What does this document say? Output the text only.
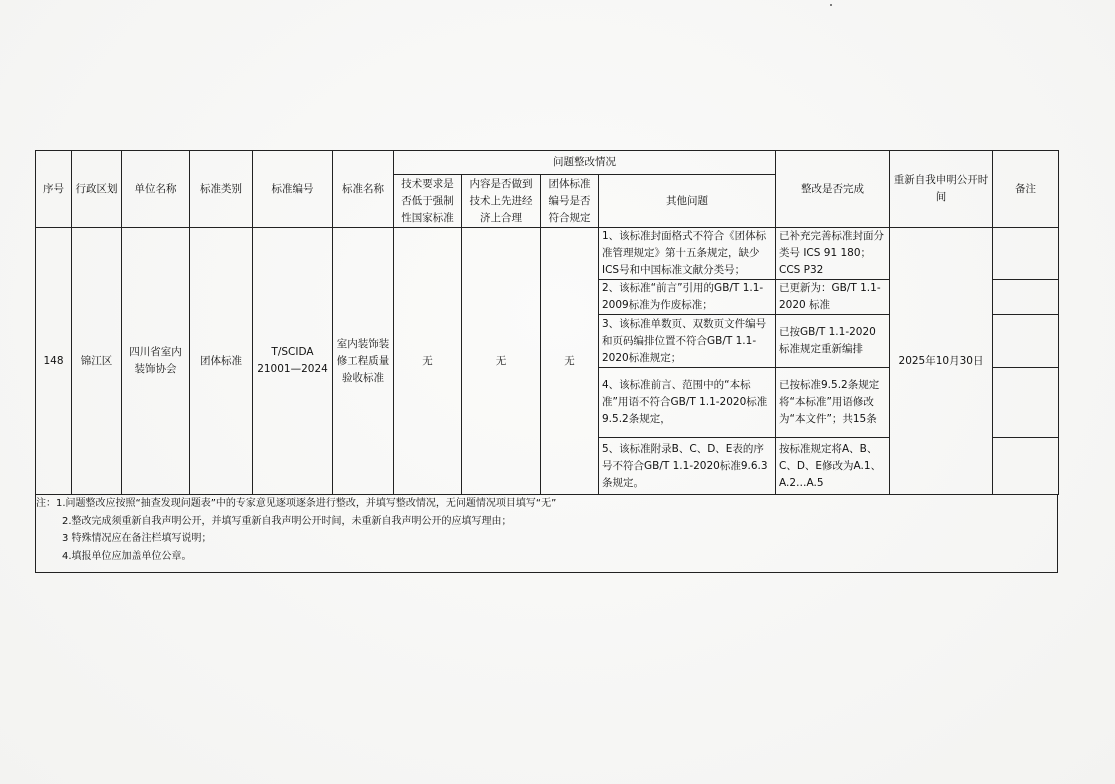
序号	行政区划	单位名称	标准类别	标准编号	标准名称	问题整改情况				整改是否完成	重新自我申明公开时间	备注
						技术要求是否低于强制性国家标准	内容是否做到技术上先进经济上合理	团体标准编号是否符合规定	其他问题			
148	锦江区	四川省室内装饰协会	团体标准	T/SCIDA 21001—2024	室内装饰装修工程质量验收标准	无	无	无	1、该标准封面格式不符合《团体标准管理规定》第十五条规定，缺少ICS号和中国标准文献分类号；	已补充完善标准封面分类号 ICS 91 180；CCS P32	2025年10月30日	
									2、该标准“前言”引用的GB/T 1.1-2009标准为作废标准；	已更新为：GB/T 1.1-2020 标准		
									3、该标准单数页、双数页文件编号和页码编排位置不符合GB/T 1.1-2020标准规定；	已按GB/T 1.1-2020 标准规定重新编排		
									4、该标准前言、范围中的“本标准”用语不符合GB/T 1.1-2020标准9.5.2条规定，	已按标准9.5.2条规定将“本标准”用语修改为“本文件”；共15条		
									5、该标准附录B、C、D、E表的序号不符合GB/T 1.1-2020标准9.6.3条规定。	按标准规定将A、B、C、D、E修改为A.1、A.2…A.5		
注：1.问题整改应按照“抽查发现问题表”中的专家意见逐项逐条进行整改，并填写整改情况，无问题情况项目填写“无”
2.整改完成须重新自我声明公开，并填写重新自我声明公开时间，未重新自我声明公开的应填写理由；
3 特殊情况应在备注栏填写说明；
4.填报单位应加盖单位公章。
